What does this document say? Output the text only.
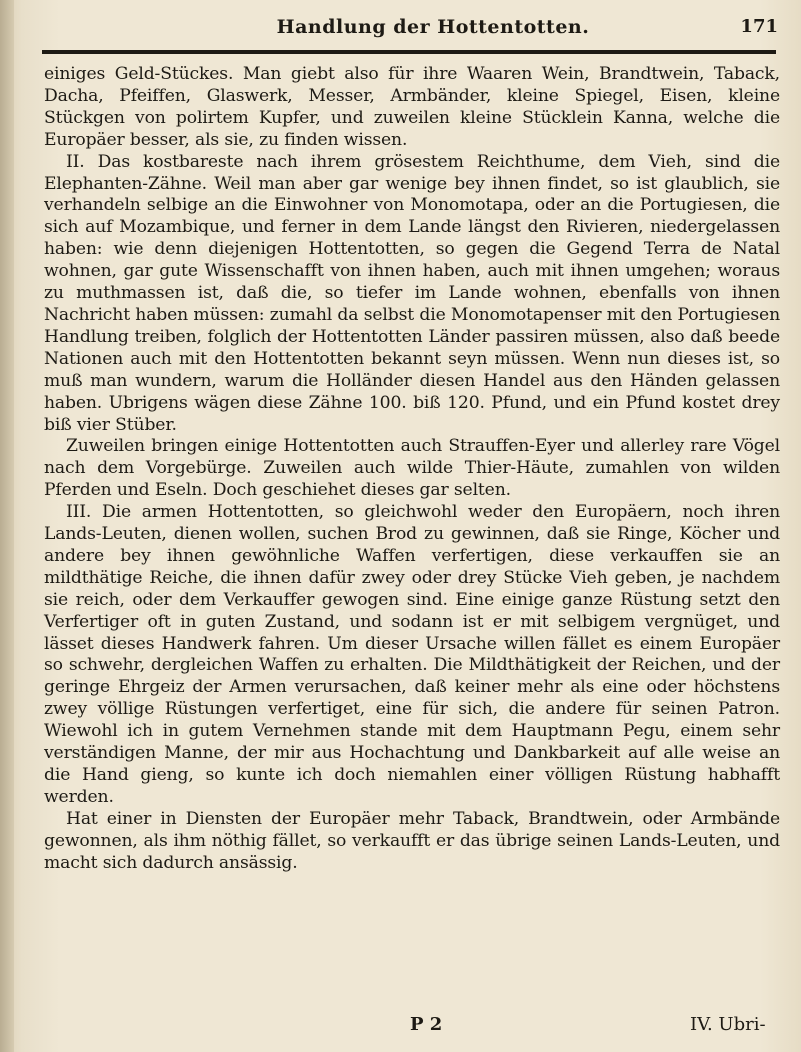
Handlung der Hottentotten.	171

einiges Geld-Stückes. Man giebt also für ihre Waaren Wein, Brandtwein, Taback, Dacha, Pfeiffen, Glaswerk, Messer, Armbänder, kleine Spiegel, Eisen, kleine Stückgen von polirtem Kupfer, und zuweilen kleine Stücklein Kanna, welche die Europäer besser, als sie, zu finden wissen.

II. Das kostbareste nach ihrem grösestem Reichthume, dem Vieh, sind die Elephanten-Zähne. Weil man aber gar wenige bey ihnen findet, so ist glaublich, sie verhandeln selbige an die Einwohner von Monomotapa, oder an die Portugiesen, die sich auf Mozambique, und ferner in dem Lande längst den Rivieren, niedergelassen haben: wie denn diejenigen Hottentotten, so gegen die Gegend Terra de Natal wohnen, gar gute Wissenschafft von ihnen haben, auch mit ihnen umgehen; woraus zu muthmassen ist, daß die, so tiefer im Lande wohnen, ebenfalls von ihnen Nachricht haben müssen: zumahl da selbst die Monomotapenser mit den Portugiesen Handlung treiben, folglich der Hottentotten Länder passiren müssen, also daß beede Nationen auch mit den Hottentotten bekannt seyn müssen. Wenn nun dieses ist, so muß man wundern, warum die Holländer diesen Handel aus den Händen gelassen haben. Ubrigens wägen diese Zähne 100. biß 120. Pfund, und ein Pfund kostet drey biß vier Stüber.

Zuweilen bringen einige Hottentotten auch Strauffen-Eyer und allerley rare Vögel nach dem Vorgebürge. Zuweilen auch wilde Thier-Häute, zumahlen von wilden Pferden und Eseln. Doch geschiehet dieses gar selten.

III. Die armen Hottentotten, so gleichwohl weder den Europäern, noch ihren Lands-Leuten, dienen wollen, suchen Brod zu gewinnen, daß sie Ringe, Köcher und andere bey ihnen gewöhnliche Waffen verfertigen, diese verkauffen sie an mildthätige Reiche, die ihnen dafür zwey oder drey Stücke Vieh geben, je nachdem sie reich, oder dem Verkauffer gewogen sind. Eine einige ganze Rüstung setzt den Verfertiger oft in guten Zustand, und sodann ist er mit selbigem vergnüget, und lässet dieses Handwerk fahren. Um dieser Ursache willen fället es einem Europäer so schwehr, dergleichen Waffen zu erhalten. Die Mildthätigkeit der Reichen, und der geringe Ehrgeiz der Armen verursachen, daß keiner mehr als eine oder höchstens zwey völlige Rüstungen verfertiget, eine für sich, die andere für seinen Patron. Wiewohl ich in gutem Vernehmen stande mit dem Hauptmann Pegu, einem sehr verständigen Manne, der mir aus Hochachtung und Dankbarkeit auf alle weise an die Hand gieng, so kunte ich doch niemahlen einer völligen Rüstung habhafft werden.

Hat einer in Diensten der Europäer mehr Taback, Brandtwein, oder Armbände gewonnen, als ihm nöthig fället, so verkaufft er das übrige seinen Lands-Leuten, und macht sich dadurch ansässig.

P 2	IV. Ubri-
